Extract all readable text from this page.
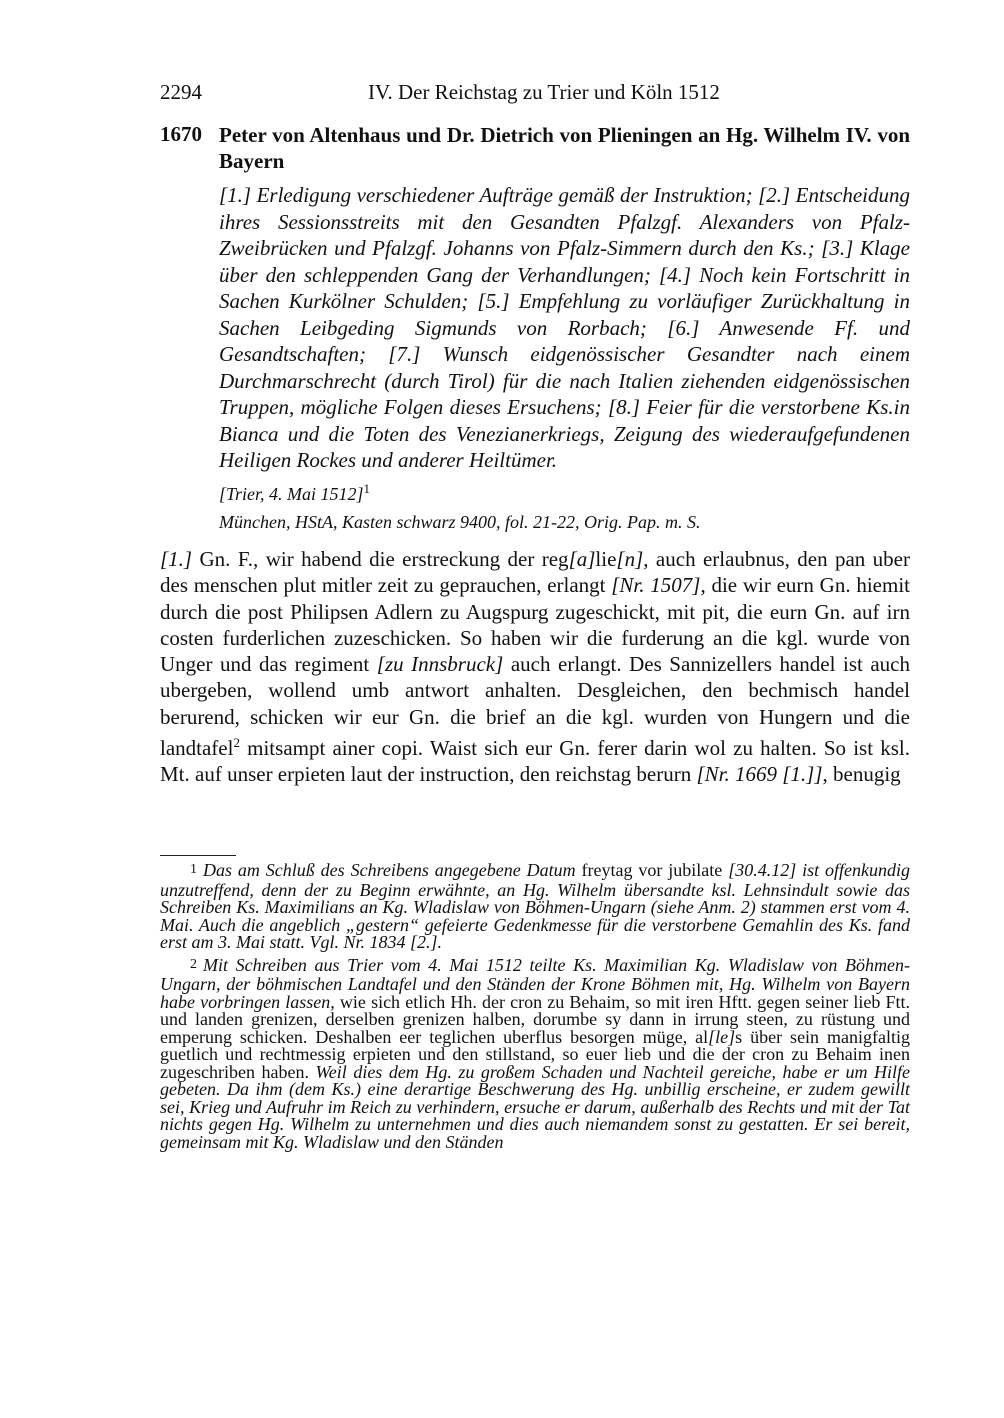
2294	IV. Der Reichstag zu Trier und Köln 1512
1670 Peter von Altenhaus und Dr. Dietrich von Plieningen an Hg. Wilhelm IV. von Bayern
[1.] Erledigung verschiedener Aufträge gemäß der Instruktion; [2.] Entscheidung ihres Sessionsstreits mit den Gesandten Pfalzgf. Alexanders von Pfalz-Zweibrücken und Pfalzgf. Johanns von Pfalz-Simmern durch den Ks.; [3.] Klage über den schleppenden Gang der Verhandlungen; [4.] Noch kein Fortschritt in Sachen Kurkölner Schulden; [5.] Empfehlung zu vorläufiger Zurückhaltung in Sachen Leibgeding Sigmunds von Rorbach; [6.] Anwesende Ff. und Gesandtschaften; [7.] Wunsch eidgenössischer Gesandter nach einem Durchmarschrecht (durch Tirol) für die nach Italien ziehenden eidgenössischen Truppen, mögliche Folgen dieses Ersuchens; [8.] Feier für die verstorbene Ks.in Bianca und die Toten des Venezianerkriegs, Zeigung des wiederaufgefundenen Heiligen Rockes und anderer Heiltümer.
[Trier, 4. Mai 1512]$^1$
München, HStA, Kasten schwarz 9400, fol. 21-22, Orig. Pap. m. S.
[1.] Gn. F., wir habend die erstreckung der reg[a]lie[n], auch erlaubnus, den pan uber des menschen plut mitler zeit zu geprauchen, erlangt [Nr. 1507], die wir eurn Gn. hiemit durch die post Philipsen Adlern zu Augspurg zugeschickt, mit pit, die eurn Gn. auf irn costen furderlichen zuzeschicken. So haben wir die furderung an die kgl. wurde von Unger und das regiment [zu Innsbruck] auch erlangt. Des Sannizellers handel ist auch ubergeben, wollend umb antwort anhalten. Desgleichen, den bechmisch handel berurend, schicken wir eur Gn. die brief an die kgl. wurden von Hungern und die landtafel$^2$ mitsampt ainer copi. Waist sich eur Gn. ferer darin wol zu halten. So ist ksl. Mt. auf unser erpieten laut der instruction, den reichstag berurn [Nr. 1669 [1.]], benugig

1 Das am Schluß des Schreibens angegebene Datum freytag vor jubilate [30.4.12] ist offenkundig unzutreffend, denn der zu Beginn erwähnte, an Hg. Wilhelm übersandte ksl. Lehnsindult sowie das Schreiben Ks. Maximilians an Kg. Wladislaw von Böhmen-Ungarn (siehe Anm. 2) stammen erst vom 4. Mai. Auch die angeblich „gestern“ gefeierte Gedenkmesse für die verstorbene Gemahlin des Ks. fand erst am 3. Mai statt. Vgl. Nr. 1834 [2.].

2 Mit Schreiben aus Trier vom 4. Mai 1512 teilte Ks. Maximilian Kg. Wladislaw von Böhmen-Ungarn, der böhmischen Landtafel und den Ständen der Krone Böhmen mit, Hg. Wilhelm von Bayern habe vorbringen lassen, wie sich etlich Hh. der cron zu Behaim, so mit iren Hftt. gegen seiner lieb Ftt. und landen grenizen, derselben grenizen halben, dorumbe sy dann in irrung steen, zu rüstung und emperung schicken. Deshalben eer teglichen uberflus besorgen müge, al[le]s über sein manigfaltig guetlich und rechtmessig erpieten und den stillstand, so euer lieb und die der cron zu Behaim inen zugeschriben haben. Weil dies dem Hg. zu großem Schaden und Nachteil gereiche, habe er um Hilfe gebeten. Da ihm (dem Ks.) eine derartige Beschwerung des Hg. unbillig erscheine, er zudem gewillt sei, Krieg und Aufruhr im Reich zu verhindern, ersuche er darum, außerhalb des Rechts und mit der Tat nichts gegen Hg. Wilhelm zu unternehmen und dies auch niemandem sonst zu gestatten. Er sei bereit, gemeinsam mit Kg. Wladislaw und den Ständen
